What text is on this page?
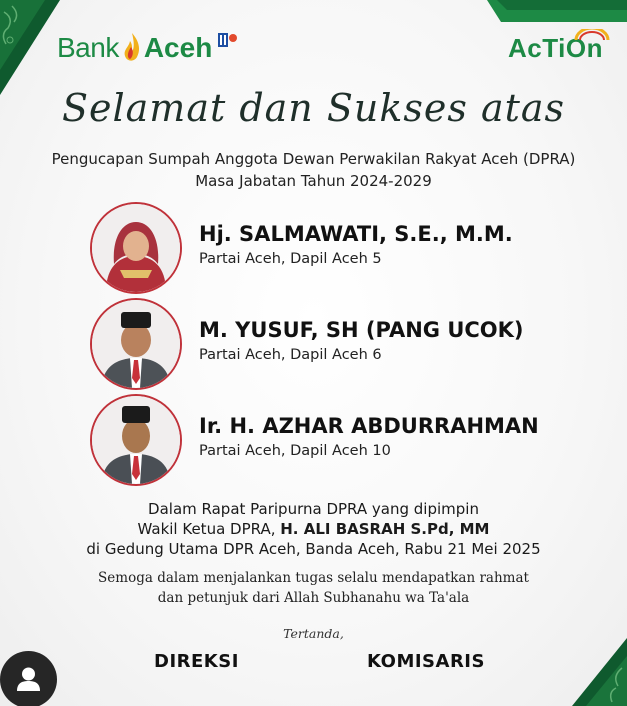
Bank Aceh	AcTiOn
Selamat dan Sukses atas
Pengucapan Sumpah Anggota Dewan Perwakilan Rakyat Aceh (DPRA)
Masa Jabatan Tahun 2024-2029
Hj. SALMAWATI, S.E., M.M.
Partai Aceh, Dapil Aceh 5
M. YUSUF, SH (PANG UCOK)
Partai Aceh, Dapil Aceh 6
Ir. H. AZHAR ABDURRAHMAN
Partai Aceh, Dapil Aceh 10
Dalam Rapat Paripurna DPRA yang dipimpin
Wakil Ketua DPRA, H. ALI BASRAH S.Pd, MM
di Gedung Utama DPR Aceh, Banda Aceh, Rabu 21 Mei 2025
Semoga dalam menjalankan tugas selalu mendapatkan rahmat
dan petunjuk dari Allah Subhanahu wa Ta'ala
Tertanda,
DIREKSI	KOMISARIS
